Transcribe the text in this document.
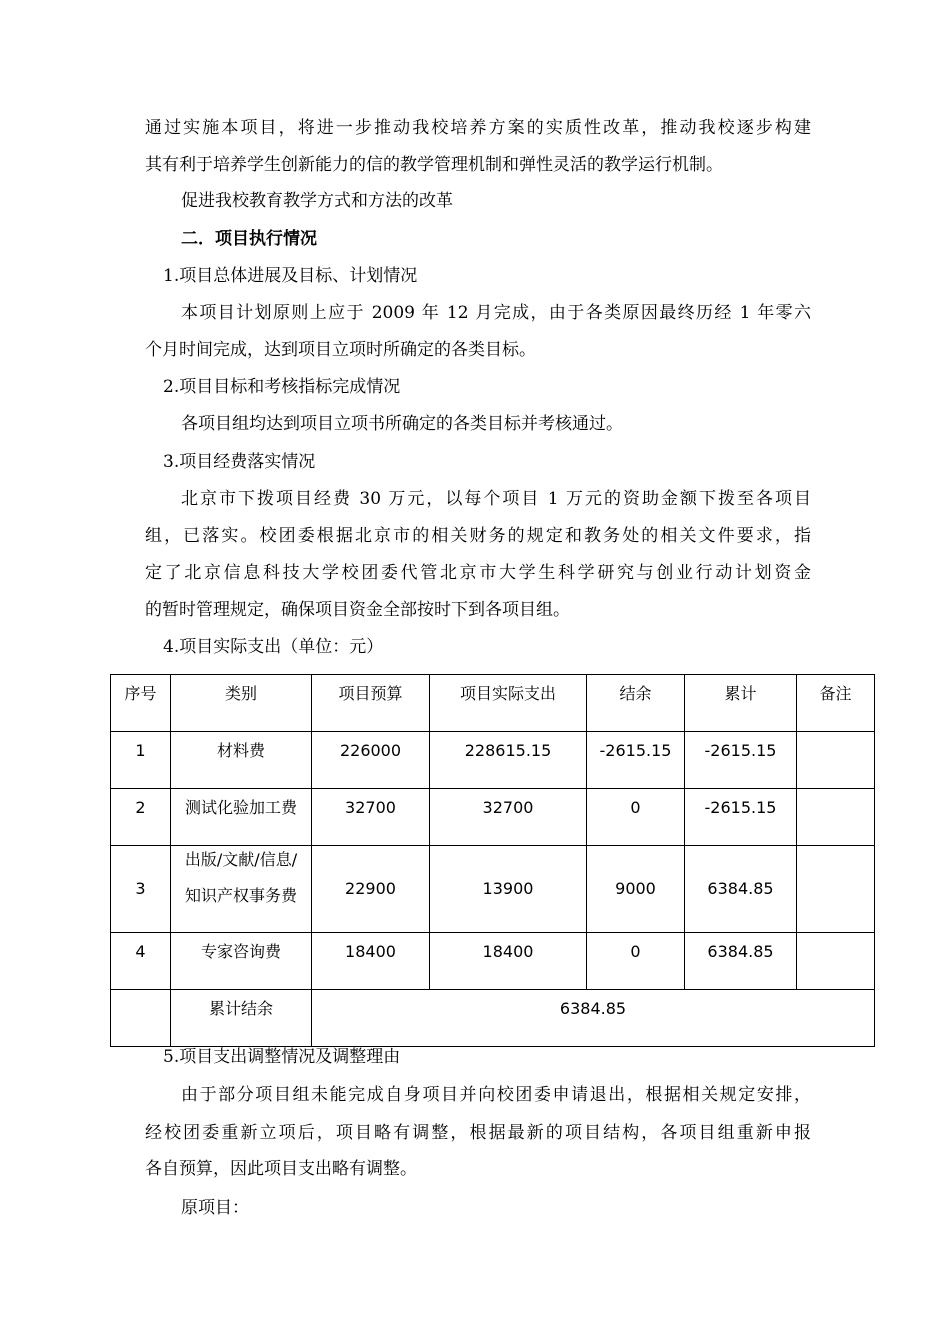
通过实施本项目，将进一步推动我校培养方案的实质性改革，推动我校逐步构建
其有利于培养学生创新能力的信的教学管理机制和弹性灵活的教学运行机制。
促进我校教育教学方式和方法的改革
二．项目执行情况
1.项目总体进展及目标、计划情况
本项目计划原则上应于 2009 年 12 月完成，由于各类原因最终历经 1 年零六
个月时间完成，达到项目立项时所确定的各类目标。
2.项目目标和考核指标完成情况
各项目组均达到项目立项书所确定的各类目标并考核通过。
3.项目经费落实情况
北京市下拨项目经费 30 万元，以每个项目 1 万元的资助金额下拨至各项目
组，已落实。校团委根据北京市的相关财务的规定和教务处的相关文件要求，指
定了北京信息科技大学校团委代管北京市大学生科学研究与创业行动计划资金
的暂时管理规定，确保项目资金全部按时下到各项目组。
4.项目实际支出（单位：元）
序号	类别	项目预算	项目实际支出	结余	累计	备注
1	材料费	226000	228615.15	-2615.15	-2615.15	
2	测试化验加工费	32700	32700	0	-2615.15	
3	出版/文献/信息/
知识产权事务费	22900	13900	9000	6384.85	
4	专家咨询费	18400	18400	0	6384.85	
	累计结余	6384.85				
5.项目支出调整情况及调整理由
由于部分项目组未能完成自身项目并向校团委申请退出，根据相关规定安排，
经校团委重新立项后，项目略有调整，根据最新的项目结构，各项目组重新申报
各自预算，因此项目支出略有调整。
原项目：
